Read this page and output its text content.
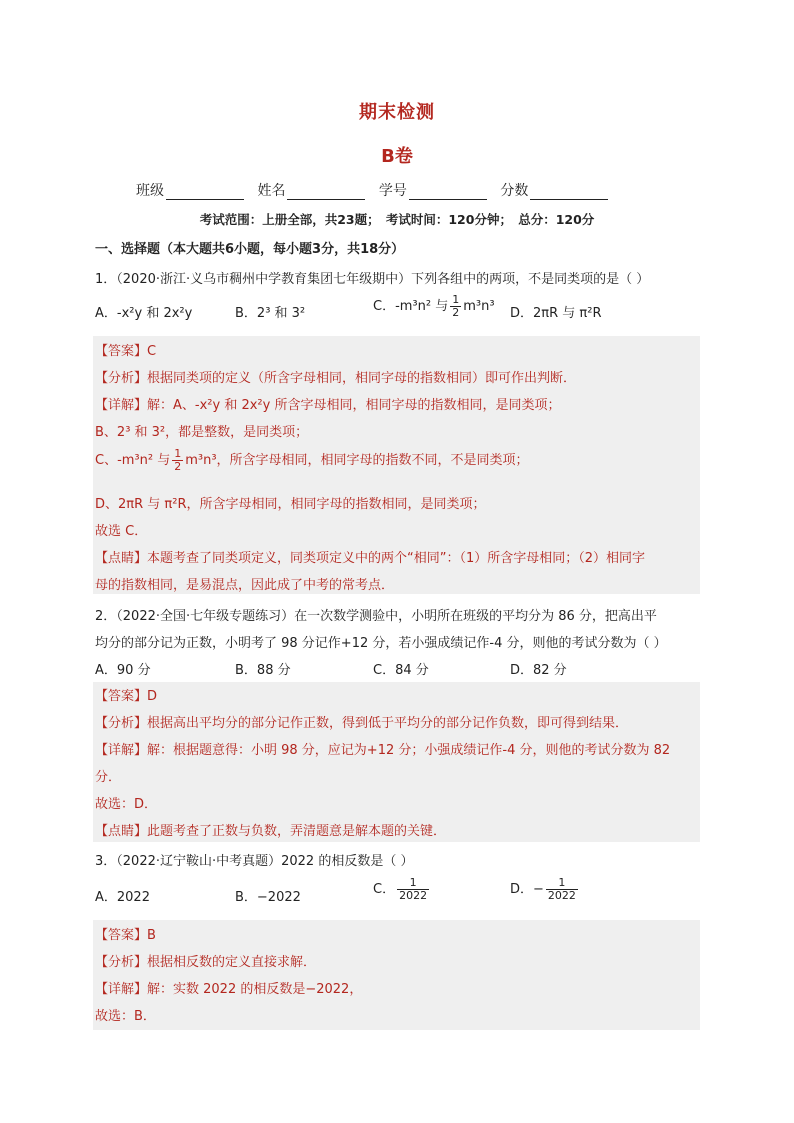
期末检测
B卷
班级	姓名	学号	分数
考试范围：上册全部，共23题；　考试时间：120分钟；　总分：120分
一、选择题（本大题共6小题，每小题3分，共18分）
1．（2020·浙江·义乌市稠州中学教育集团七年级期中）下列各组中的两项，不是同类项的是（ ）
A．-x²y 和 2x²y	B．2³ 和 3²	C．-m³n² 与 $\frac{1}{2} m^3n^3$ D．2πR 与 π²R
【答案】C
【分析】根据同类项的定义（所含字母相同，相同字母的指数相同）即可作出判断．
【详解】解：A、-x²y 和 2x²y 所含字母相同，相同字母的指数相同，是同类项；
B、2³ 和 3²，都是整数，是同类项；
C、-m³n² 与 $\frac{1}{2} m^3n^3$，所含字母相同，相同字母的指数不同，不是同类项；
D、2πR 与 π²R，所含字母相同，相同字母的指数相同，是同类项；
故选 C．
【点睛】本题考查了同类项定义，同类项定义中的两个“相同”：（1）所含字母相同；（2）相同字
母的指数相同，是易混点，因此成了中考的常考点．
2．（2022·全国·七年级专题练习）在一次数学测验中，小明所在班级的平均分为 86 分，把高出平
均分的部分记为正数，小明考了 98 分记作+12 分，若小强成绩记作-4 分，则他的考试分数为（ ）
A．90 分	B．88 分	C．84 分	D．82 分
【答案】D
【分析】根据高出平均分的部分记作正数，得到低于平均分的部分记作负数，即可得到结果．
【详解】解：根据题意得：小明 98 分，应记为+12 分；小强成绩记作-4 分，则他的考试分数为 82
分．
故选：D．
【点睛】此题考查了正数与负数，弄清题意是解本题的关键．
3．（2022·辽宁鞍山·中考真题）2022 的相反数是（ ）
A．2022	B．−2022
C． $\frac{1}{2022}$	D．− $\frac{1}{2022}$
【答案】B
【分析】根据相反数的定义直接求解．
【详解】解：实数 2022 的相反数是−2022，
故选：B．
